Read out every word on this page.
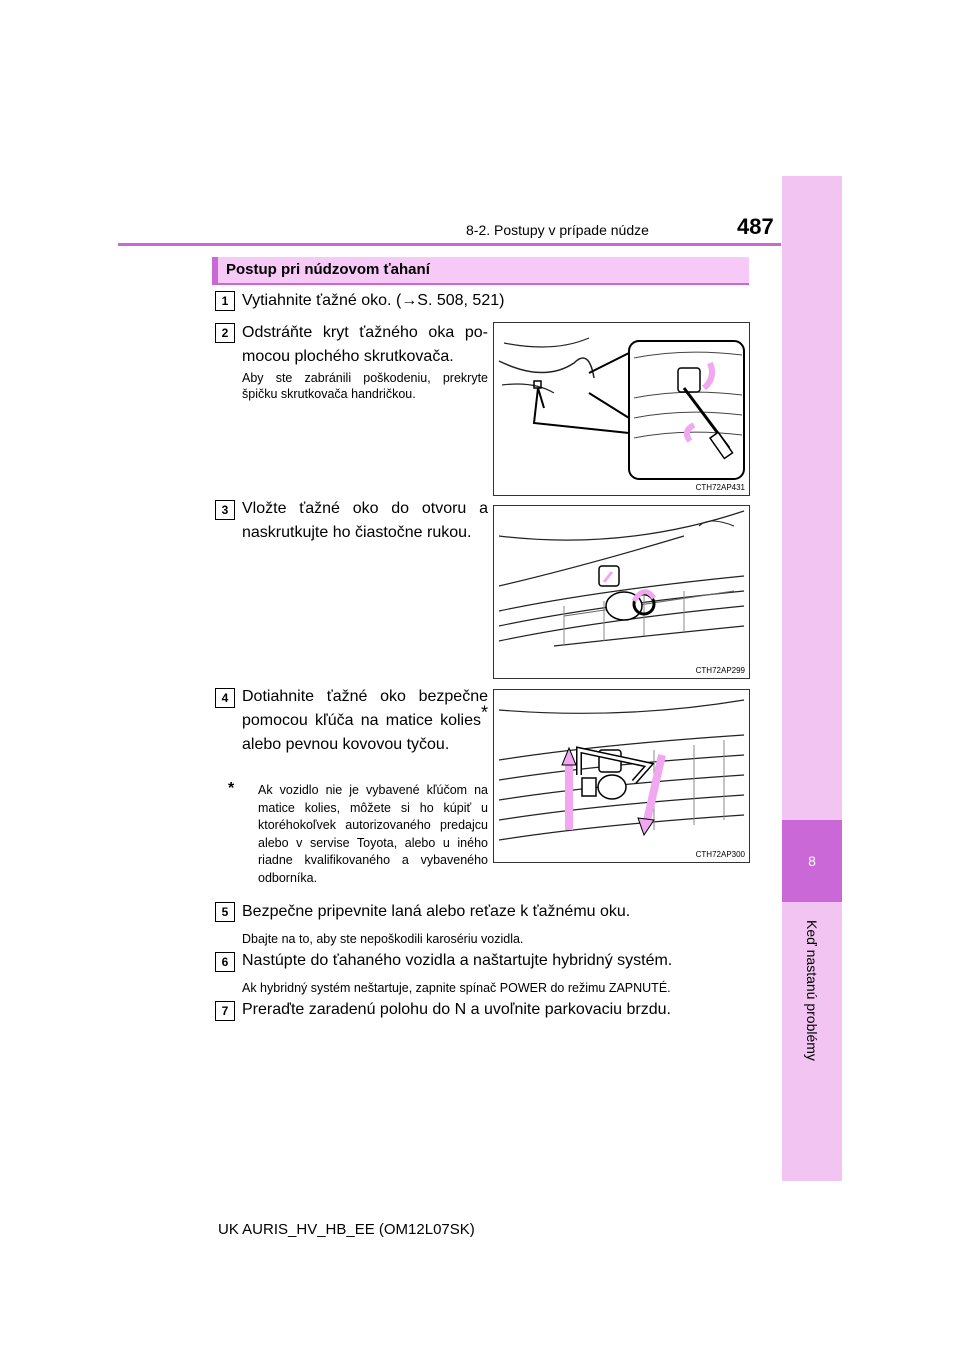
8-2. Postupy v prípade núdze	487
8
Keď nastanú problémy
Postup pri núdzovom ťahaní
1 Vytiahnite ťažné oko. (→S. 508, 521)
2 Odstráňte kryt ťažného oka pomocou plochého skrutkovača.
Aby ste zabránili poškodeniu, prekryte špičku skrutkovača handričkou.
CTH72AP431
3 Vložte ťažné oko do otvoru a naskrutkujte ho čiastočne rukou.
CTH72AP299
4 Dotiahnite ťažné oko bezpečne pomocou kľúča na matice kolies* alebo pevnou kovovou tyčou.
* Ak vozidlo nie je vybavené kľúčom na matice kolies, môžete si ho kúpiť u ktoréhokoľvek autorizovaného predajcu alebo v servise Toyota, alebo u iného riadne kvalifikovaného a vybaveného odborníka.
CTH72AP300
5 Bezpečne pripevnite laná alebo reťaze k ťažnému oku.
Dbajte na to, aby ste nepoškodili karosériu vozidla.
6 Nastúpte do ťahaného vozidla a naštartujte hybridný systém.
Ak hybridný systém neštartuje, zapnite spínač POWER do režimu ZAPNUTÉ.
7 Preraďte zaradenú polohu do N a uvoľnite parkovaciu brzdu.
UK AURIS_HV_HB_EE (OM12L07SK)
